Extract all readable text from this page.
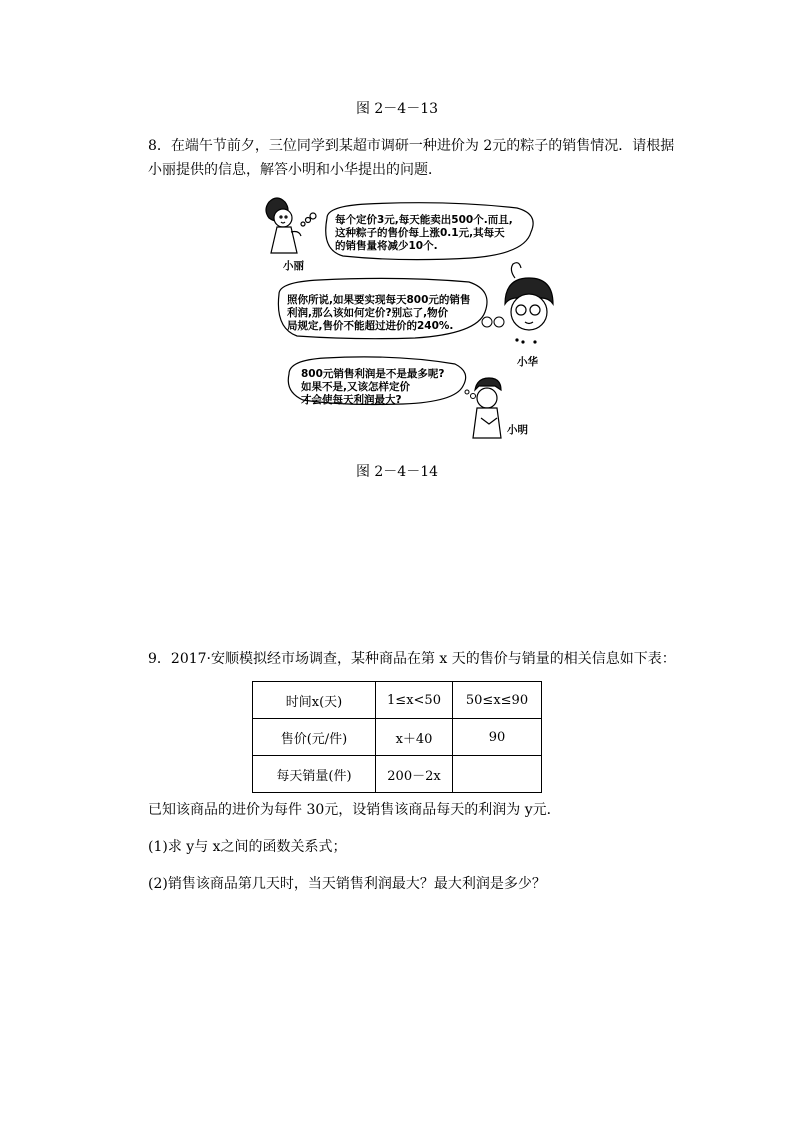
图 2－4－13
8．在端午节前夕，三位同学到某超市调研一种进价为 2元的粽子的销售情况．请根据
小丽提供的信息，解答小明和小华提出的问题．
每个定价3元,每天能卖出500个.而且,
这种粽子的售价每上涨0.1元,其每天
的销售量将减少10个.
小丽
照你所说,如果要实现每天800元的销售
利润,那么该如何定价?别忘了,物价
局规定,售价不能超过进价的240%.
小华
800元销售利润是不是最多呢?
如果不是,又该怎样定价
才会使每天利润最大?
小明
图 2－4－14
9．2017·安顺模拟经市场调查，某种商品在第 x 天的售价与销量的相关信息如下表：
时间x(天)	1≤x<50	50≤x≤90
售价(元/件)	x＋40	90
每天销量(件)	200－2x	
已知该商品的进价为每件 30元，设销售该商品每天的利润为 y元．
(1)求 y与 x之间的函数关系式；
(2)销售该商品第几天时，当天销售利润最大？最大利润是多少？
